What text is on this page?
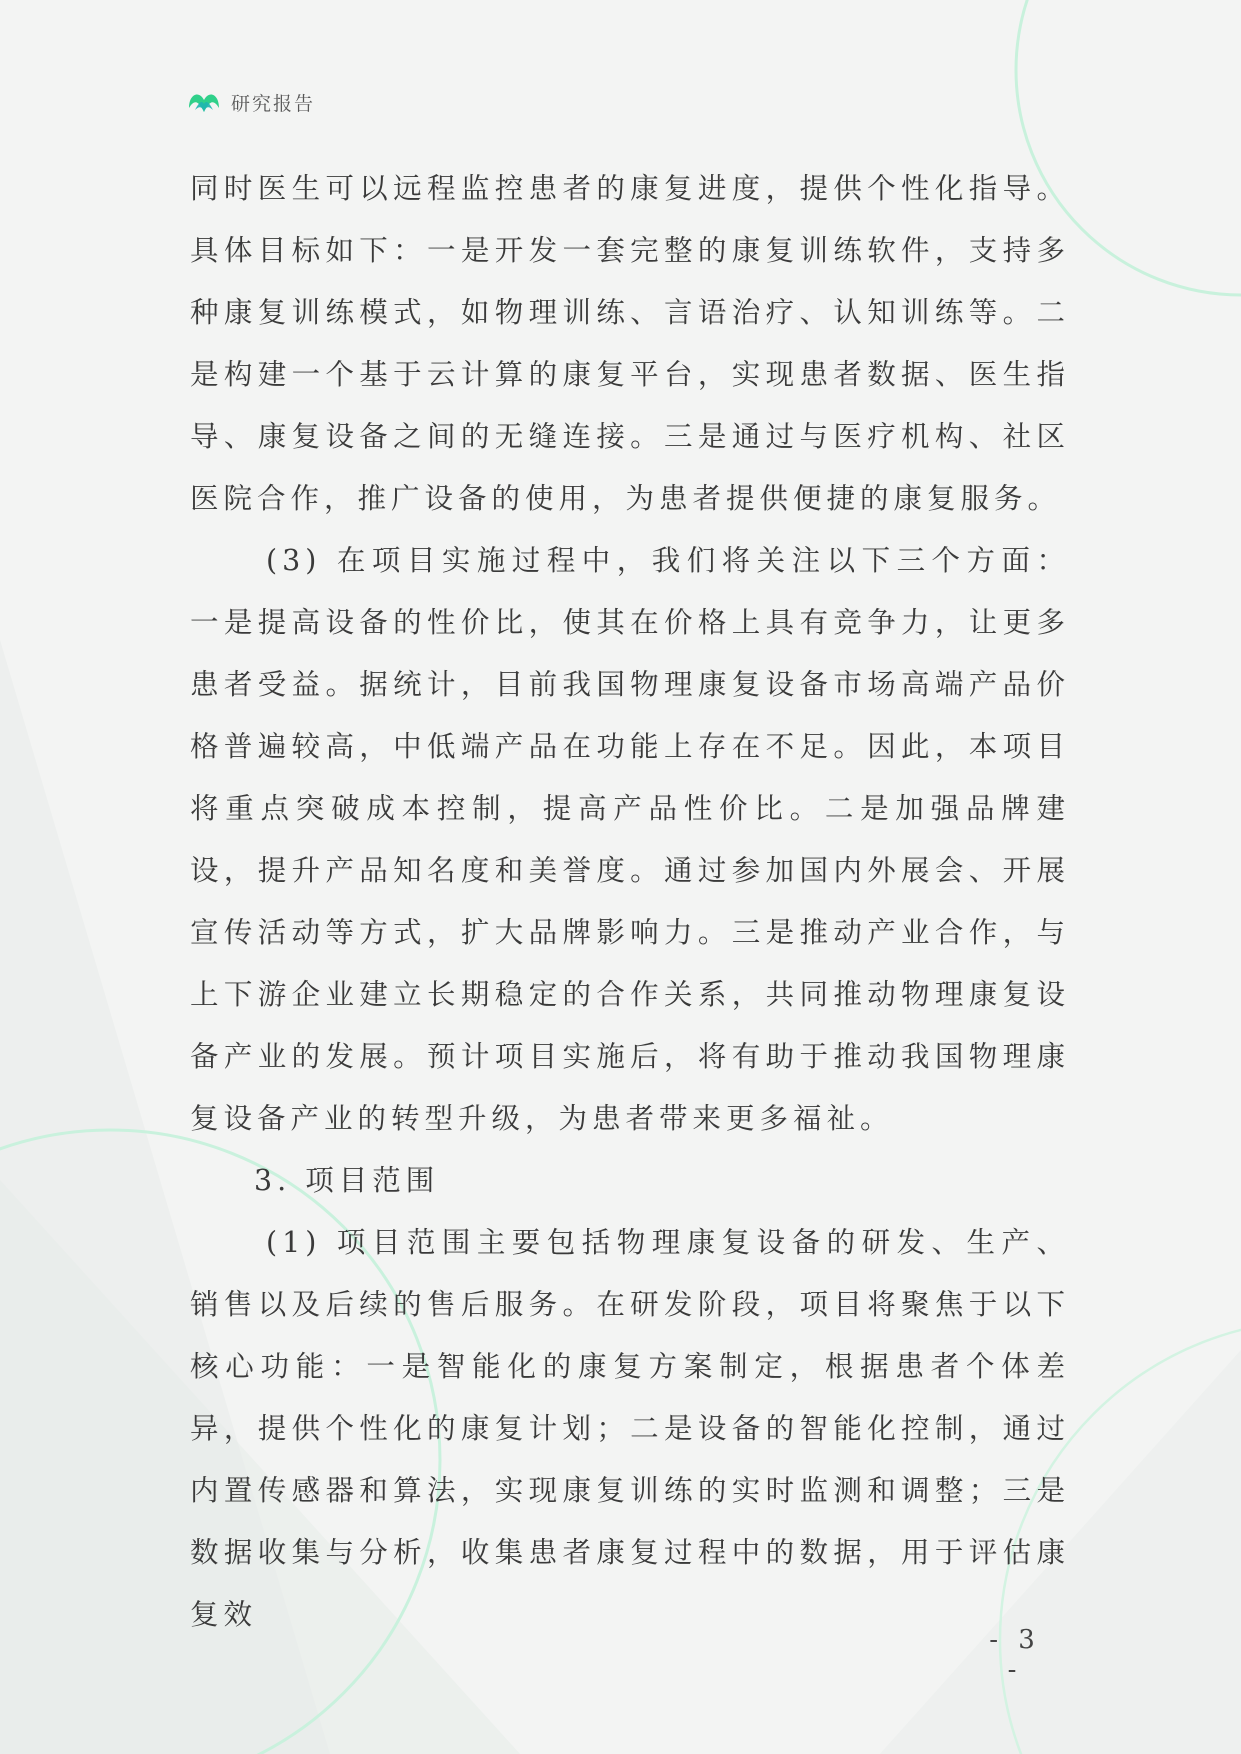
研究报告

同时医生可以远程监控患者的康复进度，提供个性化指导。具体目标如下：一是开发一套完整的康复训练软件，支持多种康复训练模式，如物理训练、言语治疗、认知训练等。二是构建一个基于云计算的康复平台，实现患者数据、医生指导、康复设备之间的无缝连接。三是通过与医疗机构、社区医院合作，推广设备的使用，为患者提供便捷的康复服务。

(3) 在项目实施过程中，我们将关注以下三个方面：一是提高设备的性价比，使其在价格上具有竞争力，让更多患者受益。据统计，目前我国物理康复设备市场高端产品价格普遍较高，中低端产品在功能上存在不足。因此，本项目将重点突破成本控制，提高产品性价比。二是加强品牌建设，提升产品知名度和美誉度。通过参加国内外展会、开展宣传活动等方式，扩大品牌影响力。三是推动产业合作，与上下游企业建立长期稳定的合作关系，共同推动物理康复设备产业的发展。预计项目实施后，将有助于推动我国物理康复设备产业的转型升级，为患者带来更多福祉。

3. 项目范围

(1) 项目范围主要包括物理康复设备的研发、生产、销售以及后续的售后服务。在研发阶段，项目将聚焦于以下核心功能：一是智能化的康复方案制定，根据患者个体差异，提供个性化的康复计划；二是设备的智能化控制，通过内置传感器和算法，实现康复训练的实时监测和调整；三是数据收集与分析，收集患者康复过程中的数据，用于评估康复效

- 3 -
